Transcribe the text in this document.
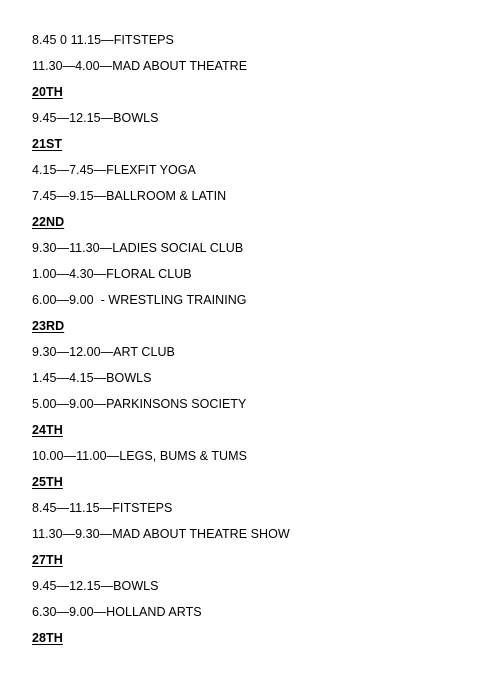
8.45 0 11.15—FITSTEPS
11.30—4.00—MAD ABOUT THEATRE
20TH
9.45—12.15—BOWLS
21ST
4.15—7.45—FLEXFIT YOGA
7.45—9.15—BALLROOM & LATIN
22ND
9.30—11.30—LADIES SOCIAL CLUB
1.00—4.30—FLORAL CLUB
6.00—9.00  - WRESTLING TRAINING
23RD
9.30—12.00—ART CLUB
1.45—4.15—BOWLS
5.00—9.00—PARKINSONS SOCIETY
24TH
10.00—11.00—LEGS, BUMS & TUMS
25TH
8.45—11.15—FITSTEPS
11.30—9.30—MAD ABOUT THEATRE SHOW
27TH
9.45—12.15—BOWLS
6.30—9.00—HOLLAND ARTS
28TH
